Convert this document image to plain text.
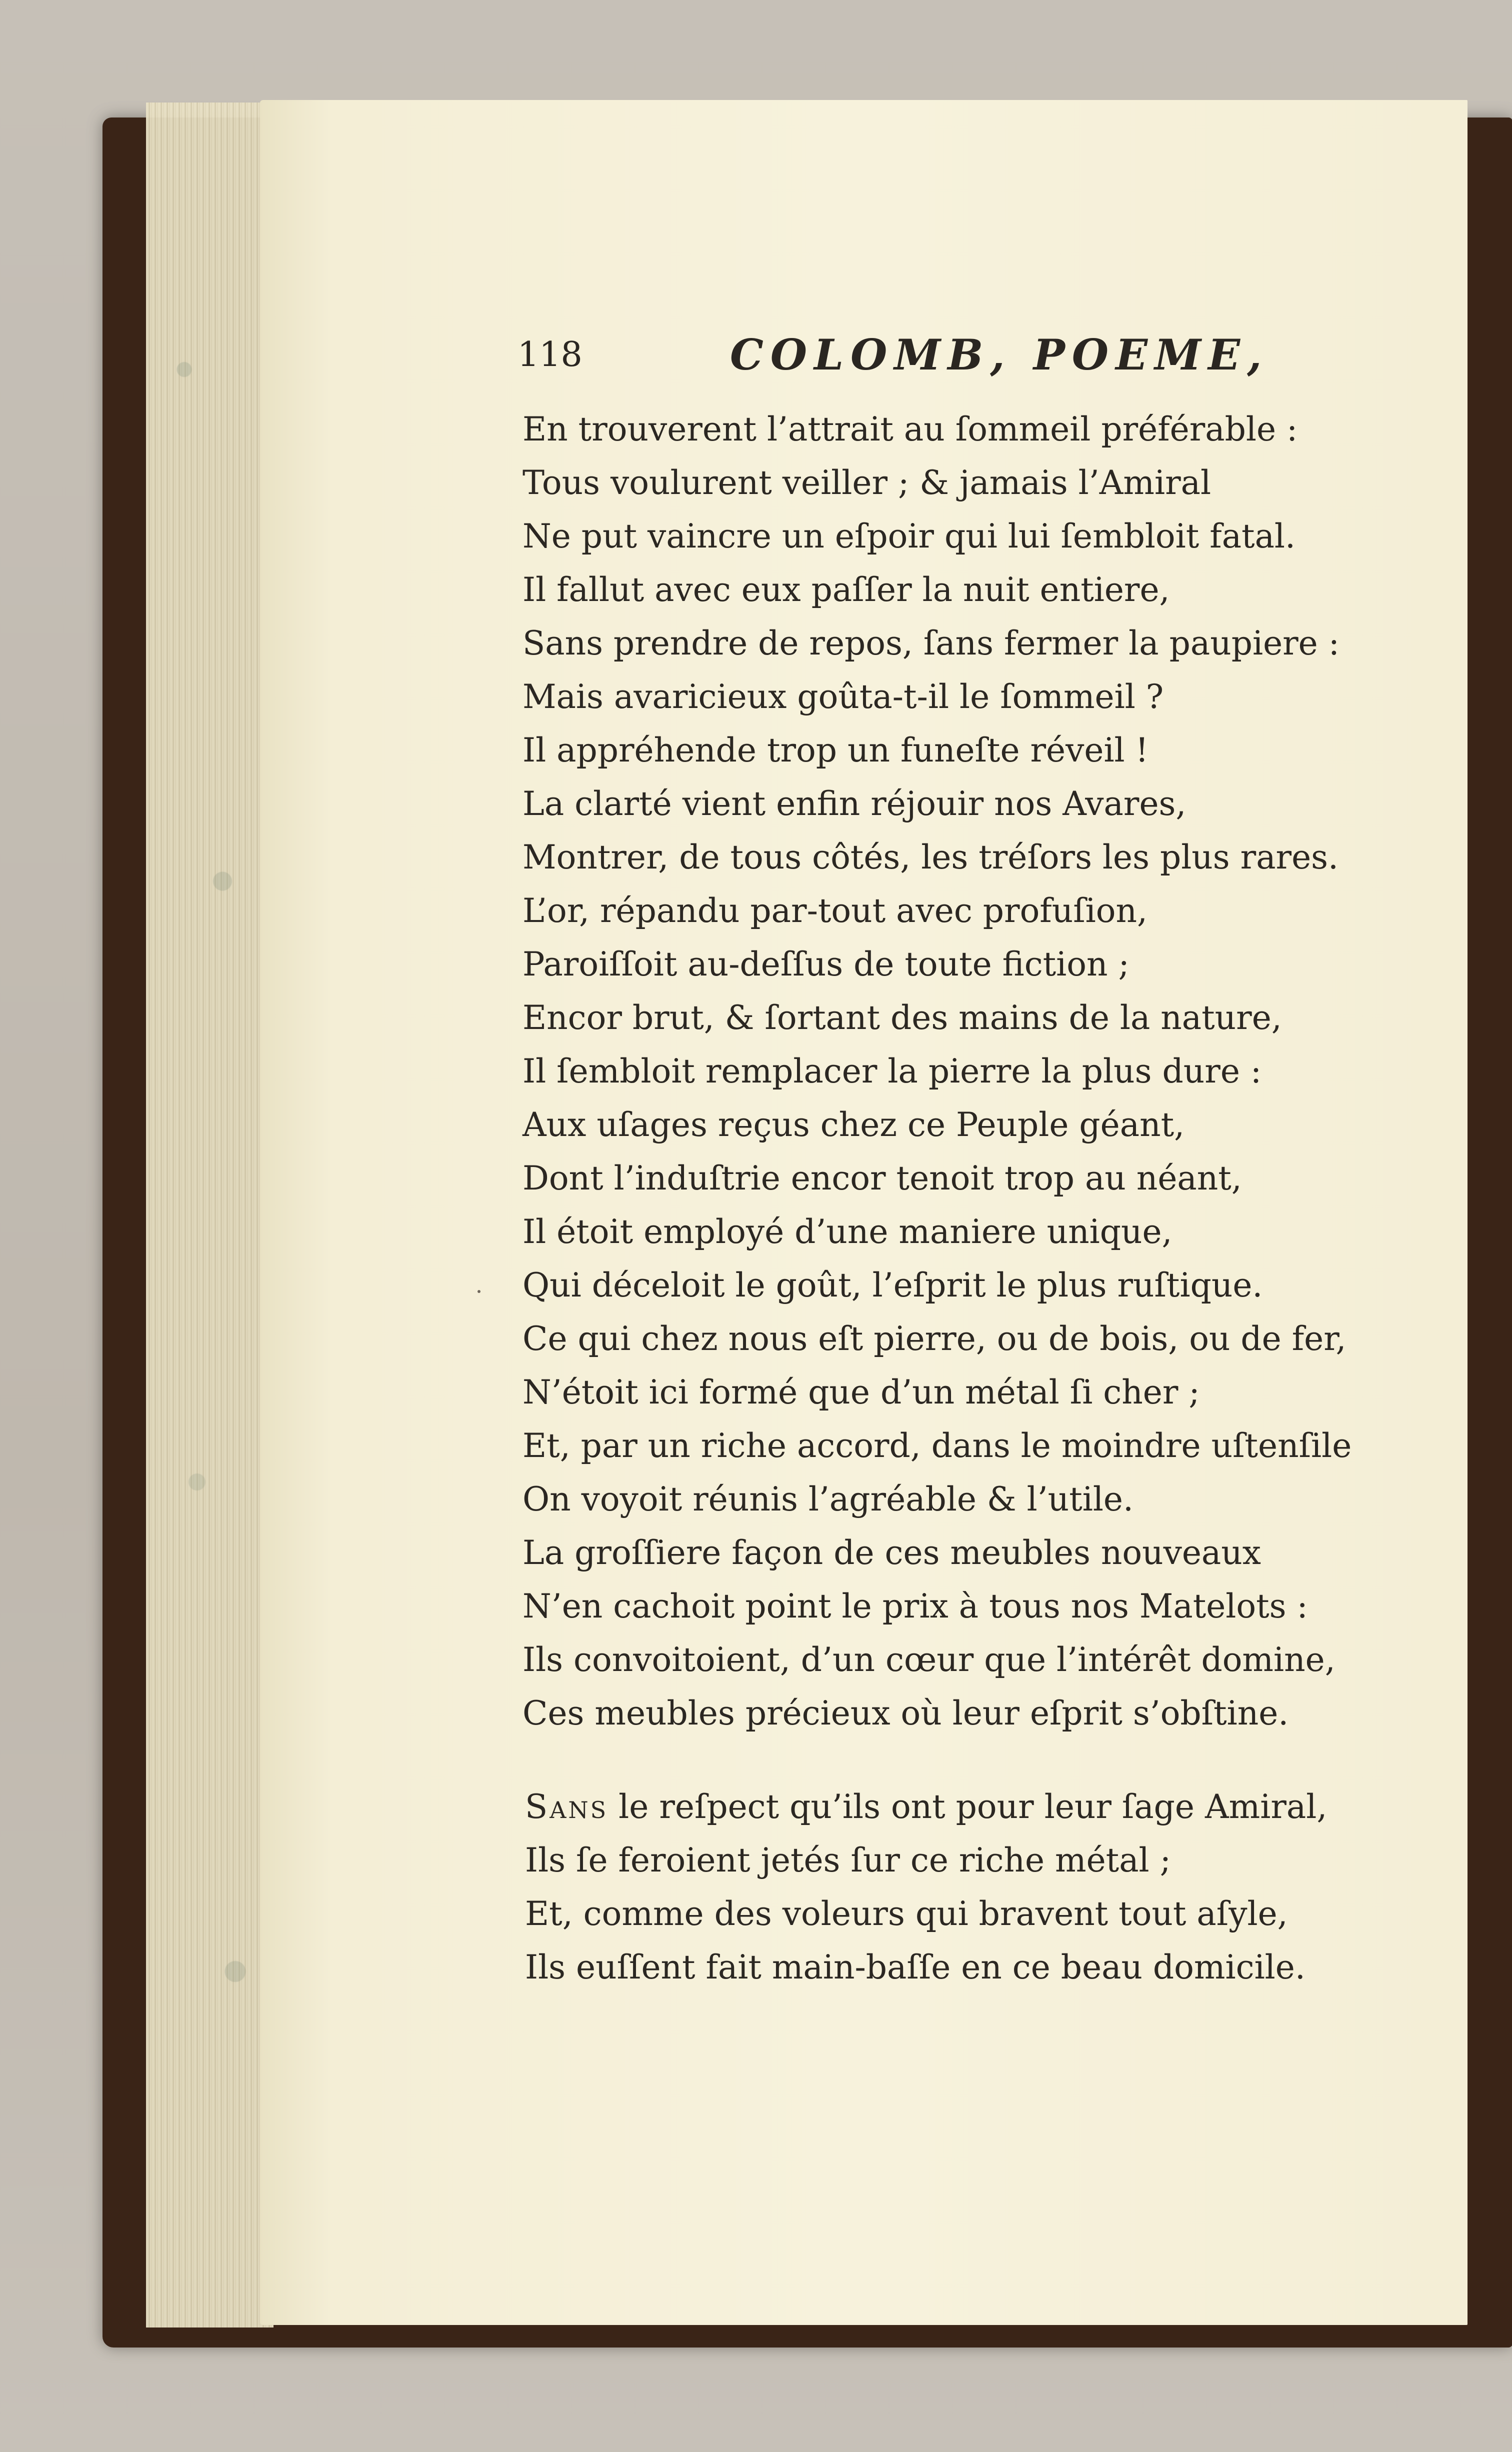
118	COLOMB, POEME,
En trouverent l’attrait au ſommeil préférable :
Tous voulurent veiller ; & jamais l’Amiral
Ne put vaincre un eſpoir qui lui ſembloit fatal.
Il fallut avec eux paſſer la nuit entiere,
Sans prendre de repos, ſans fermer la paupiere :
Mais avaricieux goûta-t-il le ſommeil ?
Il appréhende trop un funeſte réveil !
La clarté vient enfin réjouir nos Avares,
Montrer, de tous côtés, les tréſors les plus rares.
L’or, répandu par-tout avec profuſion,
Paroiſſoit au-deſſus de toute fiction ;
Encor brut, & ſortant des mains de la nature,
Il ſembloit remplacer la pierre la plus dure :
Aux uſages reçus chez ce Peuple géant,
Dont l’induſtrie encor tenoit trop au néant,
Il étoit employé d’une maniere unique,
Qui déceloit le goût, l’eſprit le plus ruſtique.
Ce qui chez nous eſt pierre, ou de bois, ou de fer,
N’étoit ici formé que d’un métal ſi cher ;
Et, par un riche accord, dans le moindre uſtenſile
On voyoit réunis l’agréable & l’utile.
La groſſiere façon de ces meubles nouveaux
N’en cachoit point le prix à tous nos Matelots :
Ils convoitoient, d’un cœur que l’intérêt domine,
Ces meubles précieux où leur eſprit s’obſtine.
Sans le reſpect qu’ils ont pour leur ſage Amiral,
Ils ſe feroient jetés ſur ce riche métal ;
Et, comme des voleurs qui bravent tout aſyle,
Ils euſſent fait main-baſſe en ce beau domicile.
